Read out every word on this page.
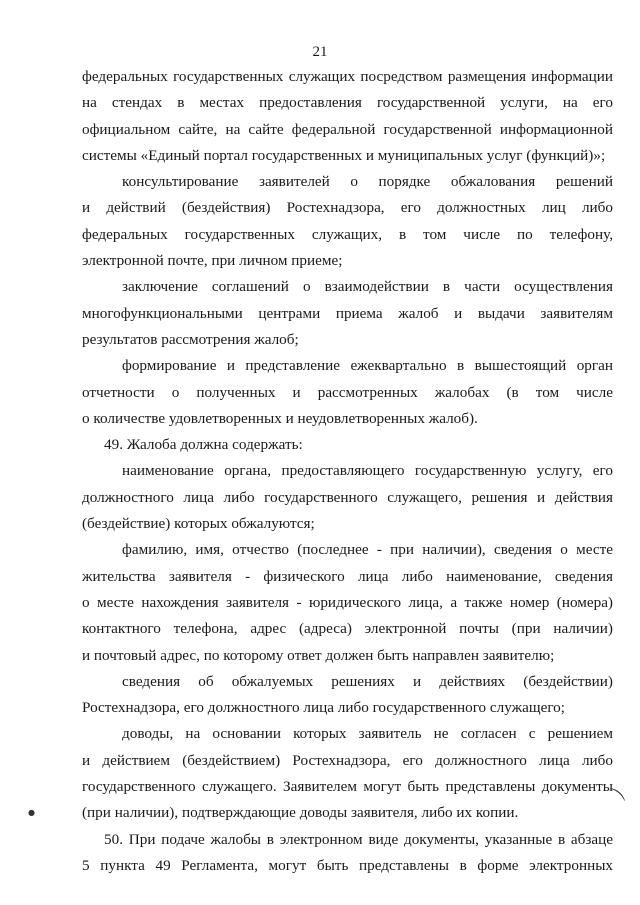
21
федеральных государственных служащих посредством размещения информации
на стендах в местах предоставления государственной услуги, на его
официальном сайте, на сайте федеральной государственной информационной
системы «Единый портал государственных и муниципальных услуг (функций)»;
консультирование заявителей о порядке обжалования решений
и действий (бездействия) Ростехнадзора, его должностных лиц либо
федеральных государственных служащих, в том числе по телефону,
электронной почте, при личном приеме;
заключение соглашений о взаимодействии в части осуществления
многофункциональными центрами приема жалоб и выдачи заявителям
результатов рассмотрения жалоб;
формирование и представление ежеквартально в вышестоящий орган
отчетности о полученных и рассмотренных жалобах (в том числе
о количестве удовлетворенных и неудовлетворенных жалоб).
49. Жалоба должна содержать:
наименование органа, предоставляющего государственную услугу, его
должностного лица либо государственного служащего, решения и действия
(бездействие) которых обжалуются;
фамилию, имя, отчество (последнее - при наличии), сведения о месте
жительства заявителя - физического лица либо наименование, сведения
о месте нахождения заявителя - юридического лица, а также номер (номера)
контактного телефона, адрес (адреса) электронной почты (при наличии)
и почтовый адрес, по которому ответ должен быть направлен заявителю;
сведения об обжалуемых решениях и действиях (бездействии)
Ростехнадзора, его должностного лица либо государственного служащего;
доводы, на основании которых заявитель не согласен с решением
и действием (бездействием) Ростехнадзора, его должностного лица либо
государственного служащего. Заявителем могут быть представлены документы
(при наличии), подтверждающие доводы заявителя, либо их копии.
50. При подаче жалобы в электронном виде документы, указанные в абзаце
5 пункта 49 Регламента, могут быть представлены в форме электронных
⌒
●
